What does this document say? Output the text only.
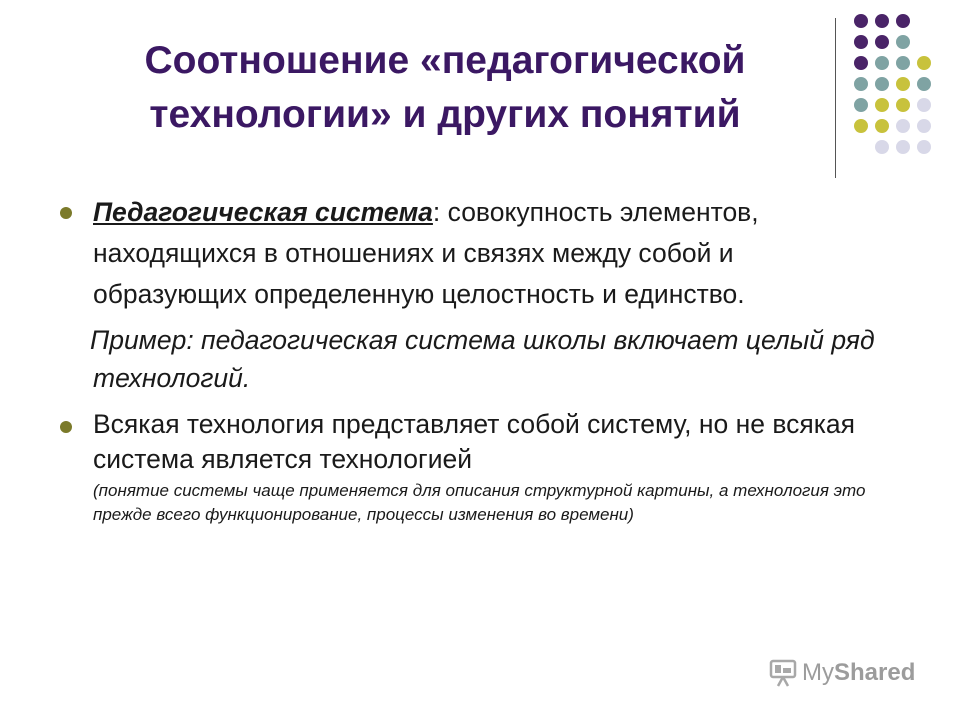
Соотношение «педагогической
технологии» и других понятий
Педагогическая система: совокупность элементов, находящихся в отношениях и связях между собой и образующих определенную целостность и единство.
Пример: педагогическая система школы включает целый ряд технологий.
Всякая технология представляет собой систему, но не всякая система является технологией
(понятие системы чаще применяется для описания структурной картины, а технология это прежде всего функционирование, процессы изменения во времени)
MyShared
